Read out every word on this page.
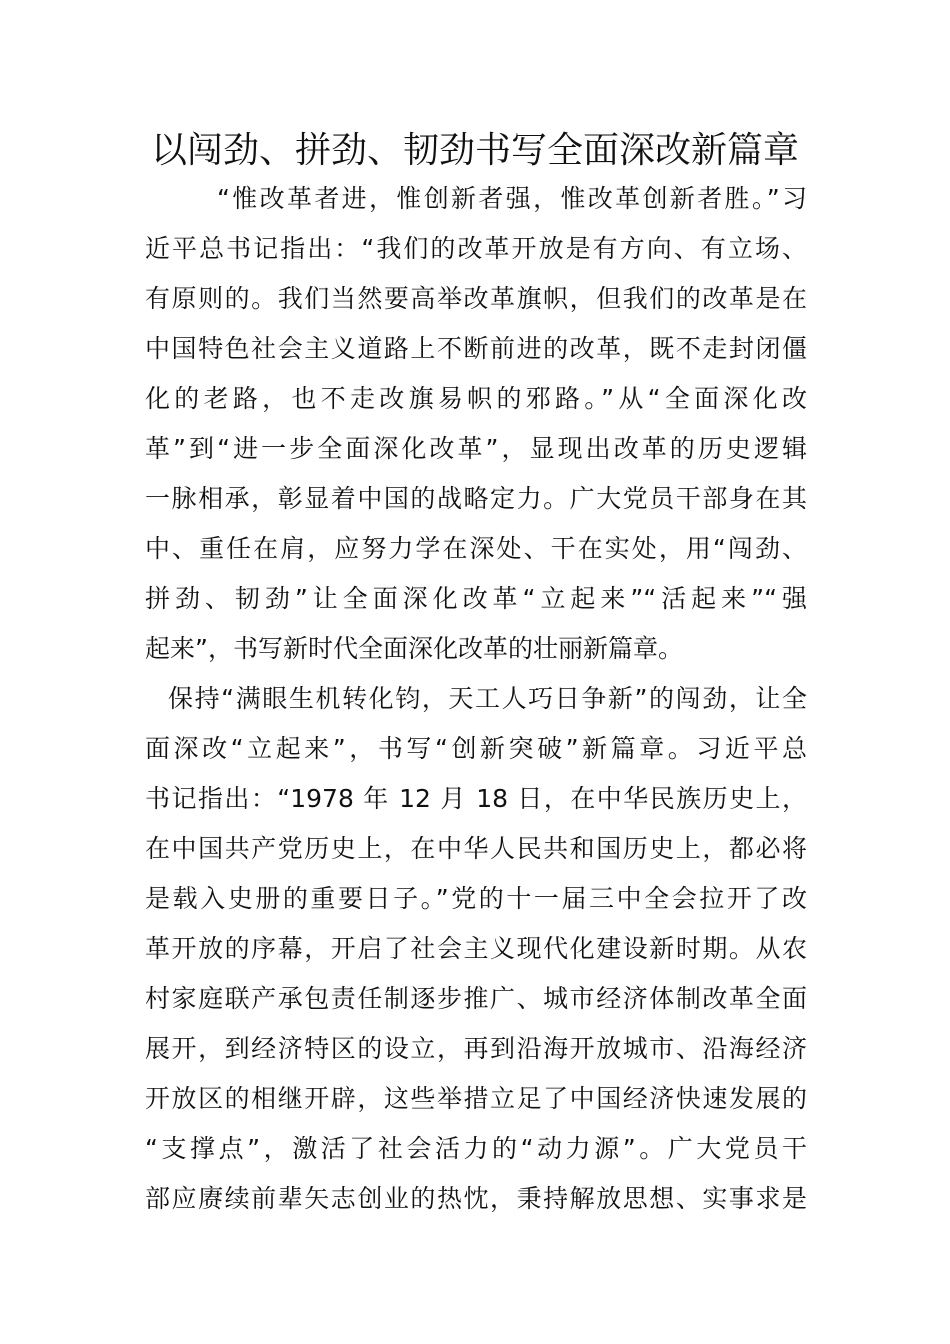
以闯劲、拼劲、韧劲书写全面深改新篇章

“惟改革者进，惟创新者强，惟改革创新者胜。”习

近平总书记指出：“我们的改革开放是有方向、有立场、

有原则的。我们当然要高举改革旗帜，但我们的改革是在

中国特色社会主义道路上不断前进的改革，既不走封闭僵

化的老路，也不走改旗易帜的邪路。”从“全面深化改

革”到“进一步全面深化改革”，显现出改革的历史逻辑

一脉相承，彰显着中国的战略定力。广大党员干部身在其

中、重任在肩，应努力学在深处、干在实处，用“闯劲、

拼劲、韧劲”让全面深化改革“立起来”“活起来”“强

起来”，书写新时代全面深化改革的壮丽新篇章。

保持“满眼生机转化钧，天工人巧日争新”的闯劲，让全

面深改“立起来”，书写“创新突破”新篇章。习近平总

书记指出：“1978 年 12 月 18 日，在中华民族历史上，

在中国共产党历史上，在中华人民共和国历史上，都必将

是载入史册的重要日子。”党的十一届三中全会拉开了改

革开放的序幕，开启了社会主义现代化建设新时期。从农

村家庭联产承包责任制逐步推广、城市经济体制改革全面

展开，到经济特区的设立，再到沿海开放城市、沿海经济

开放区的相继开辟，这些举措立足了中国经济快速发展的

“支撑点”，激活了社会活力的“动力源”。广大党员干

部应赓续前辈矢志创业的热忱，秉持解放思想、实事求是
